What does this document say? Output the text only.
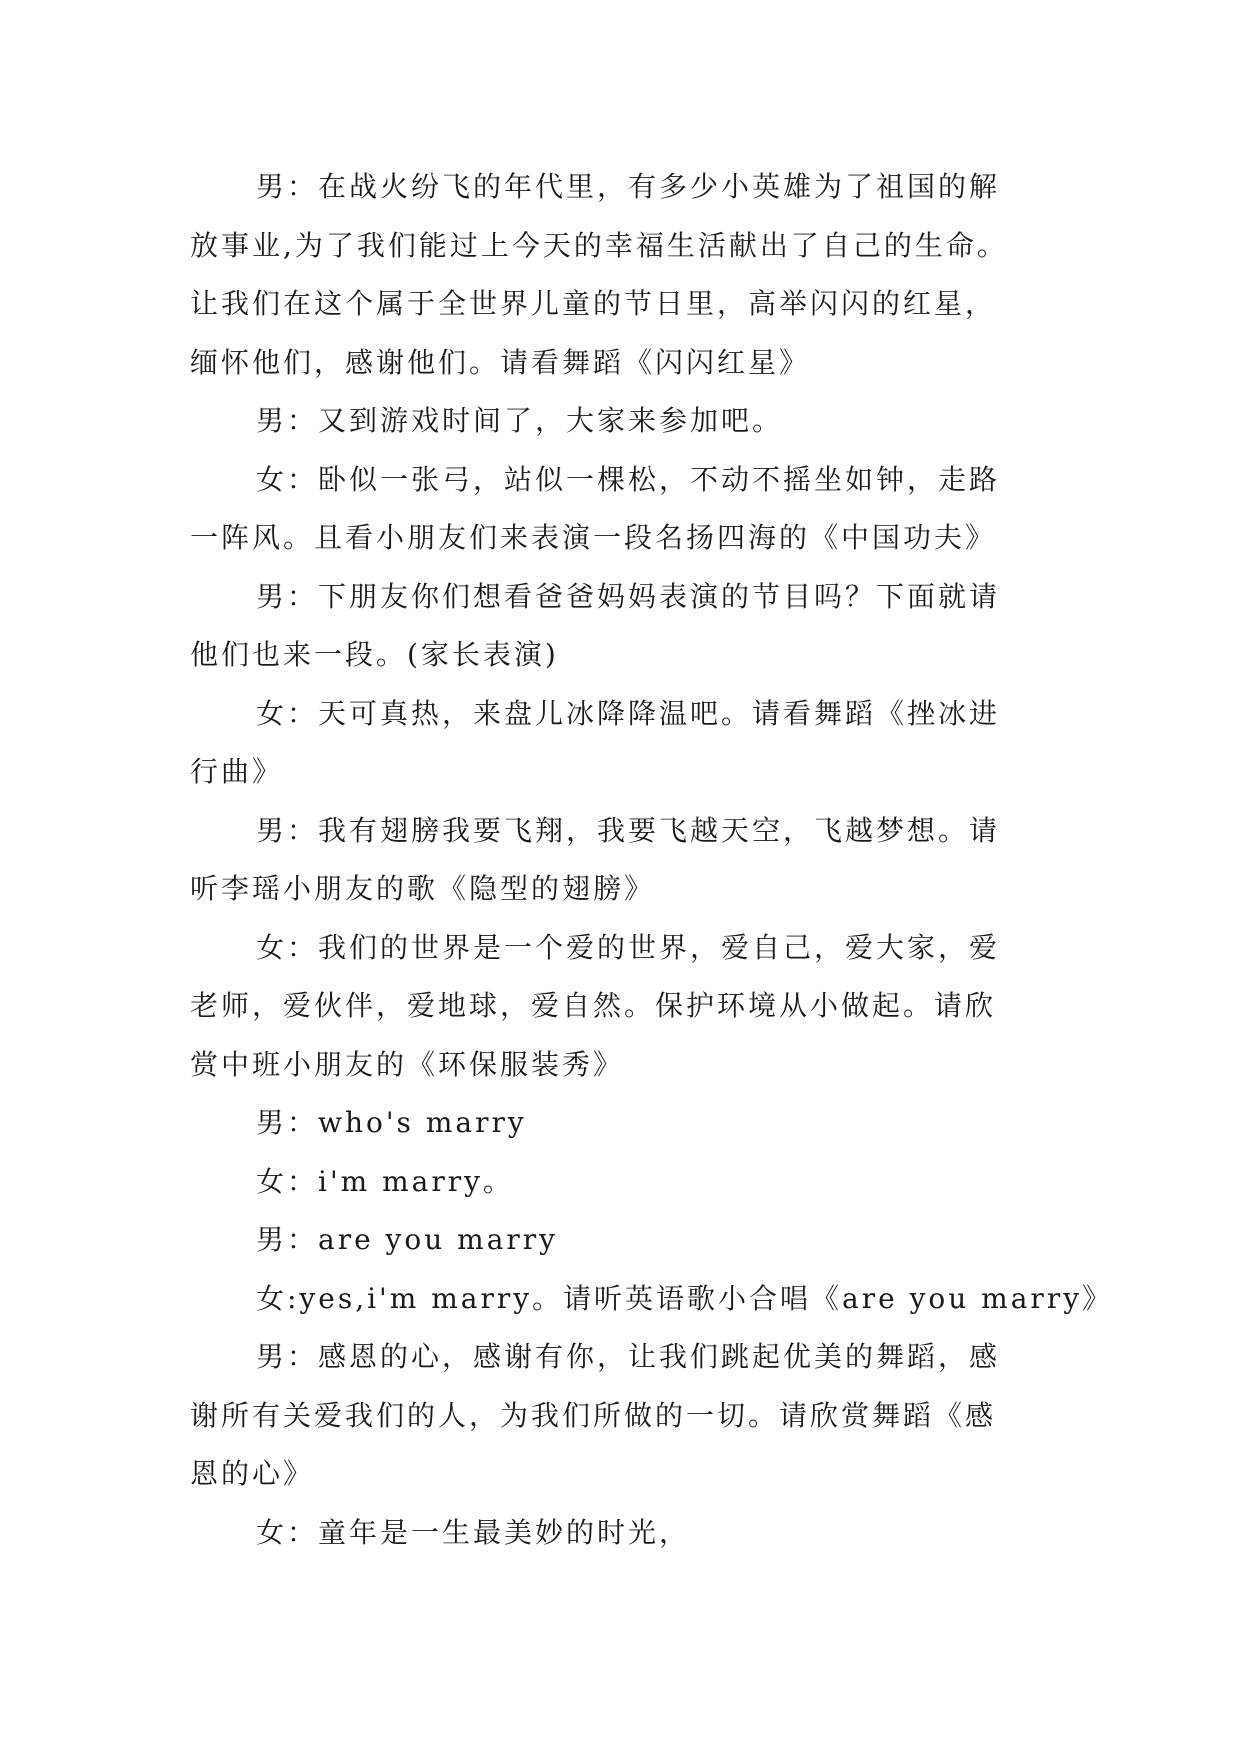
男：在战火纷飞的年代里，有多少小英雄为了祖国的解
放事业,为了我们能过上今天的幸福生活献出了自己的生命。
让我们在这个属于全世界儿童的节日里，高举闪闪的红星，
缅怀他们，感谢他们。请看舞蹈《闪闪红星》
男：又到游戏时间了，大家来参加吧。
女：卧似一张弓，站似一棵松，不动不摇坐如钟，走路
一阵风。且看小朋友们来表演一段名扬四海的《中国功夫》
男：下朋友你们想看爸爸妈妈表演的节目吗？下面就请
他们也来一段。(家长表演)
女：天可真热，来盘儿冰降降温吧。请看舞蹈《挫冰进
行曲》
男：我有翅膀我要飞翔，我要飞越天空，飞越梦想。请
听李瑶小朋友的歌《隐型的翅膀》
女：我们的世界是一个爱的世界，爱自己，爱大家，爱
老师，爱伙伴，爱地球，爱自然。保护环境从小做起。请欣
赏中班小朋友的《环保服装秀》
男：who's marry
女：i'm marry。
男：are you marry
女:yes,i'm marry。请听英语歌小合唱《are you marry》
男：感恩的心，感谢有你，让我们跳起优美的舞蹈，感
谢所有关爱我们的人，为我们所做的一切。请欣赏舞蹈《感
恩的心》
女：童年是一生最美妙的时光，
